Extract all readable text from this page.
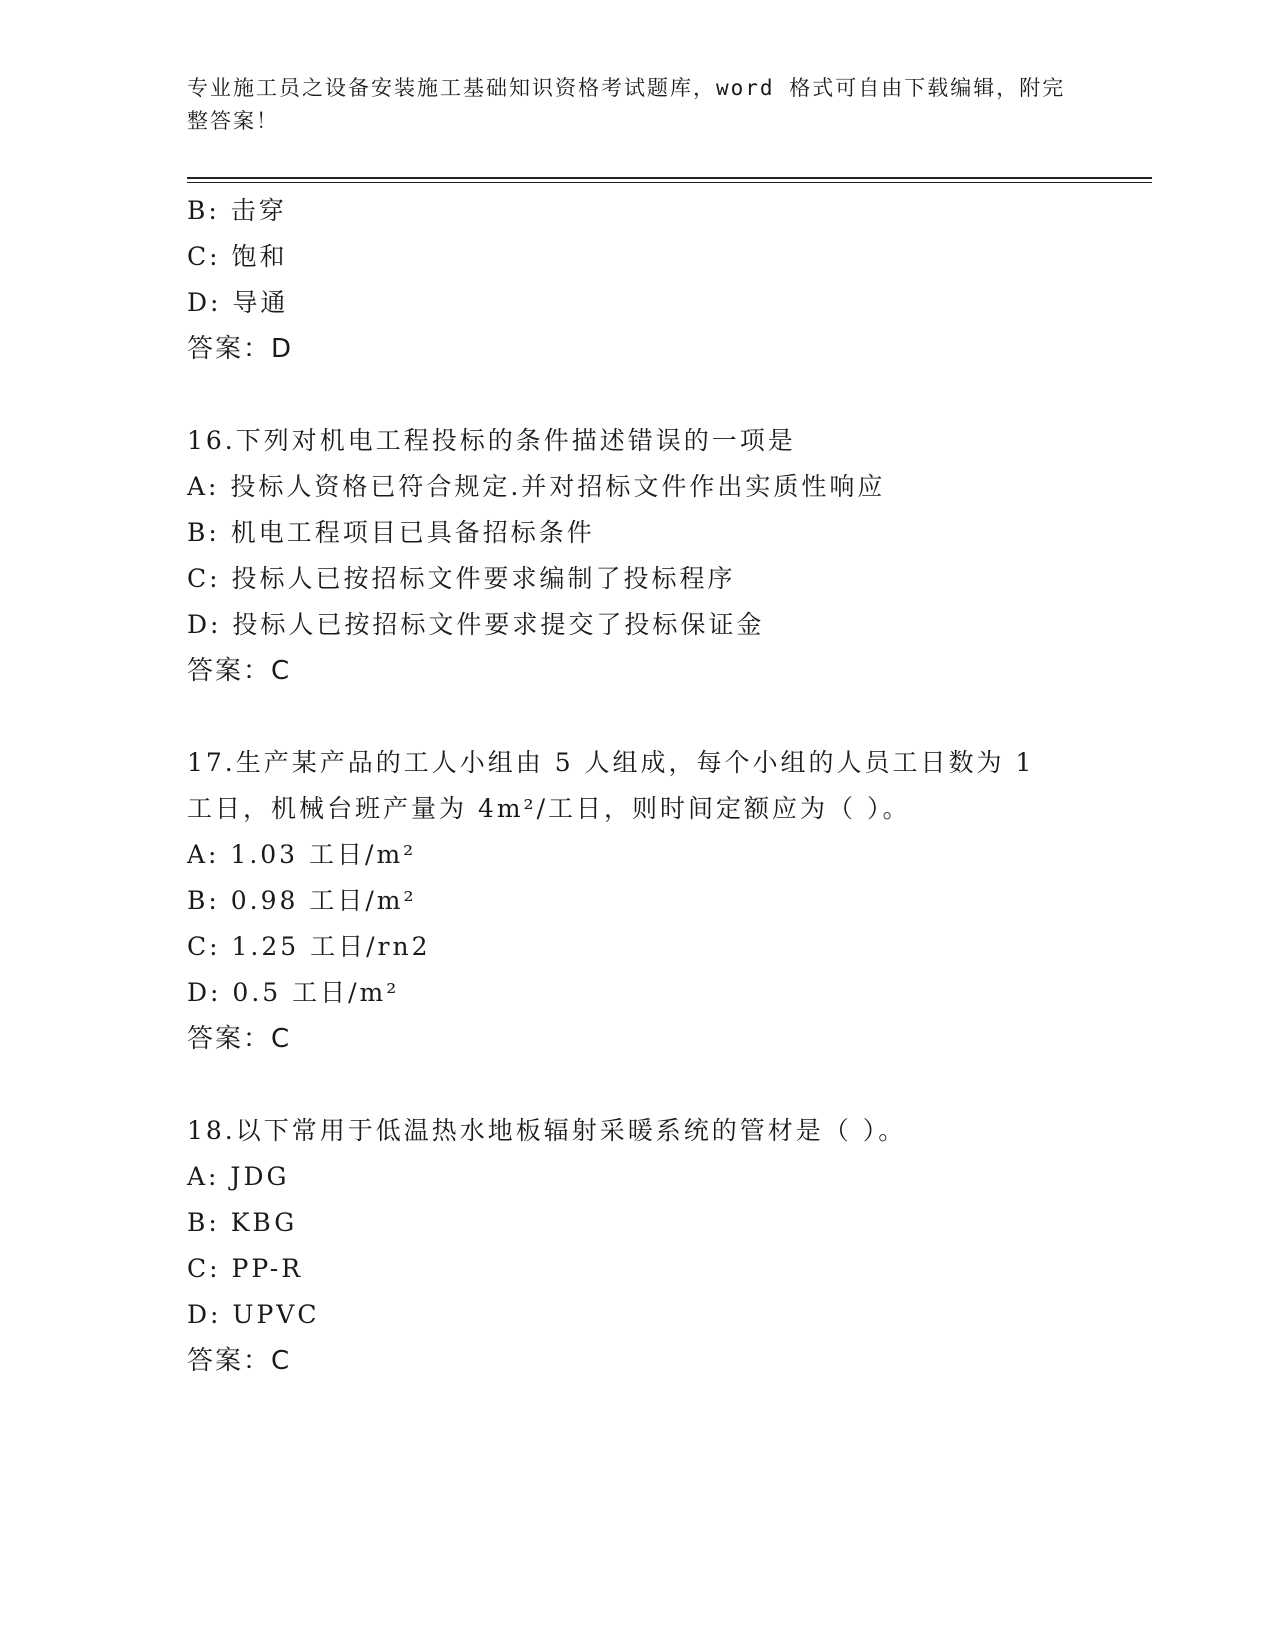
专业施工员之设备安装施工基础知识资格考试题库，word 格式可自由下载编辑，附完整答案！
B: 击穿
C: 饱和
D: 导通
答案：D
16.下列对机电工程投标的条件描述错误的一项是
A: 投标人资格已符合规定.并对招标文件作出实质性响应
B: 机电工程项目已具备招标条件
C: 投标人已按招标文件要求编制了投标程序
D: 投标人已按招标文件要求提交了投标保证金
答案：C
17.生产某产品的工人小组由 5 人组成，每个小组的人员工日数为 1 工日，机械台班产量为 4m²/工日，则时间定额应为（ ）。
A: 1.03 工日/m²
B: 0.98 工日/m²
C: 1.25 工日/rn2
D: 0.5 工日/m²
答案：C
18.以下常用于低温热水地板辐射采暖系统的管材是（ ）。
A: JDG
B: KBG
C: PP-R
D: UPVC
答案：C
